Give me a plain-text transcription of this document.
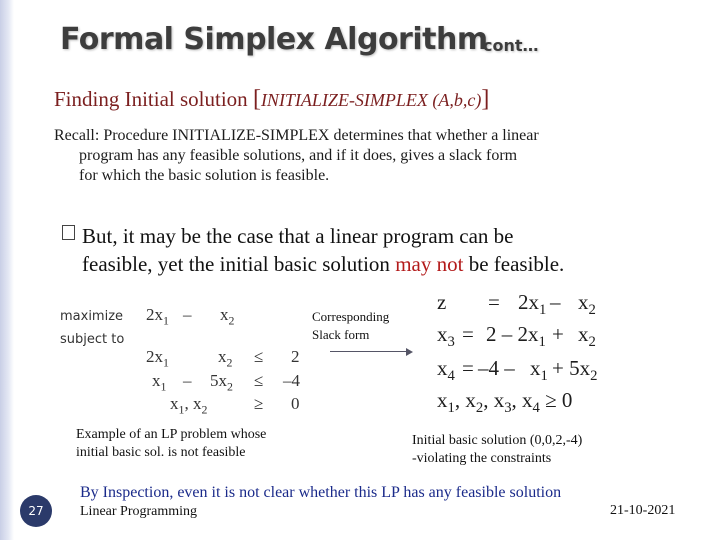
Formal Simplex Algorithm
cont…
Finding Initial solution [INITIALIZE-SIMPLEX (A,b,c)]
Recall: Procedure INITIALIZE-SIMPLEX determines that whether a linear
program has any feasible solutions, and if it does, gives a slack form
for which the basic solution is feasible.
But, it may be the case that a linear program can be
feasible, yet the initial basic solution may not be feasible.
maximize
subject to
$2x_1 - x_2$
$2x_1$	$x_2 \le 2$
$x_1 - 5x_2 \le -4$
$x_1$, $x_2$	≥ 0
Corresponding
Slack form
$z = 2x_1 - x_2$
$x_3 = 2 - 2x_1 + x_2$
$x_4 = -4 - x_1 + 5x_2$
$x_1$, $x_2$, $x_3$, $x_4 \ge 0$
Example of an LP problem whose
initial basic sol. is not feasible
Initial basic solution (0,0,2,-4)
-violating the constraints
By Inspection, even it is not clear whether this LP has any feasible solution
27	Linear Programming	21-10-2021
